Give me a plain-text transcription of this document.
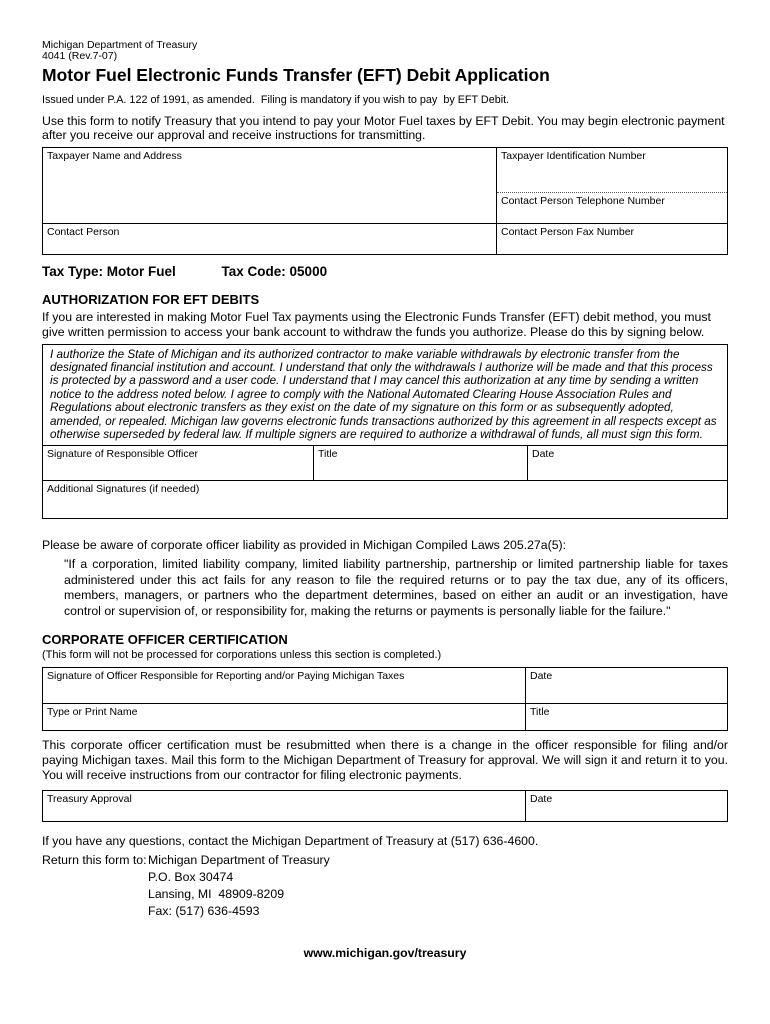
Michigan Department of Treasury
4041 (Rev.7-07)
Motor Fuel Electronic Funds Transfer (EFT) Debit Application
Issued under P.A. 122 of 1991, as amended.  Filing is mandatory if you wish to pay  by EFT Debit.
Use this form to notify Treasury that you intend to pay your Motor Fuel taxes by EFT Debit. You may begin electronic payment after you receive our approval and receive instructions for transmitting.
Taxpayer Name and Address	Taxpayer Identification Number
Contact Person Telephone Number
Contact Person	Contact Person Fax Number
Tax Type: Motor Fuel	Tax Code: 05000
AUTHORIZATION FOR EFT DEBITS
If you are interested in making Motor Fuel Tax payments using the Electronic Funds Transfer (EFT) debit method, you must give written permission to access your bank account to withdraw the funds you authorize. Please do this by signing below.
I authorize the State of Michigan and its authorized contractor to make variable withdrawals by electronic transfer from the designated financial institution and account. I understand that only the withdrawals I authorize will be made and that this process is protected by a password and a user code. I understand that I may cancel this authorization at any time by sending a written notice to the address noted below. I agree to comply with the National Automated Clearing House Association Rules and Regulations about electronic transfers as they exist on the date of my signature on this form or as subsequently adopted, amended, or repealed. Michigan law governs electronic funds transactions authorized by this agreement in all respects except as otherwise superseded by federal law. If multiple signers are required to authorize a withdrawal of funds, all must sign this form.
Signature of Responsible Officer	Title	Date
Additional Signatures (if needed)
Please be aware of corporate officer liability as provided in Michigan Compiled Laws 205.27a(5):
"If a corporation, limited liability company, limited liability partnership, partnership or limited partnership liable for taxes administered under this act fails for any reason to file the required returns or to pay the tax due, any of its officers, members, managers, or partners who the department determines, based on either an audit or an investigation, have control or supervision of, or responsibility for, making the returns or payments is personally liable for the failure."
CORPORATE OFFICER CERTIFICATION
(This form will not be processed for corporations unless this section is completed.)
Signature of Officer Responsible for Reporting and/or Paying Michigan Taxes	Date
Type or Print Name	Title
This corporate officer certification must be resubmitted when there is a change in the officer responsible for filing and/or paying Michigan taxes. Mail this form to the Michigan Department of Treasury for approval. We will sign it and return it to you. You will receive instructions from our contractor for filing electronic payments.
Treasury Approval	Date
If you have any questions, contact the Michigan Department of Treasury at (517) 636-4600.
Return this form to: Michigan Department of Treasury
P.O. Box 30474
Lansing, MI  48909-8209
Fax: (517) 636-4593
www.michigan.gov/treasury
